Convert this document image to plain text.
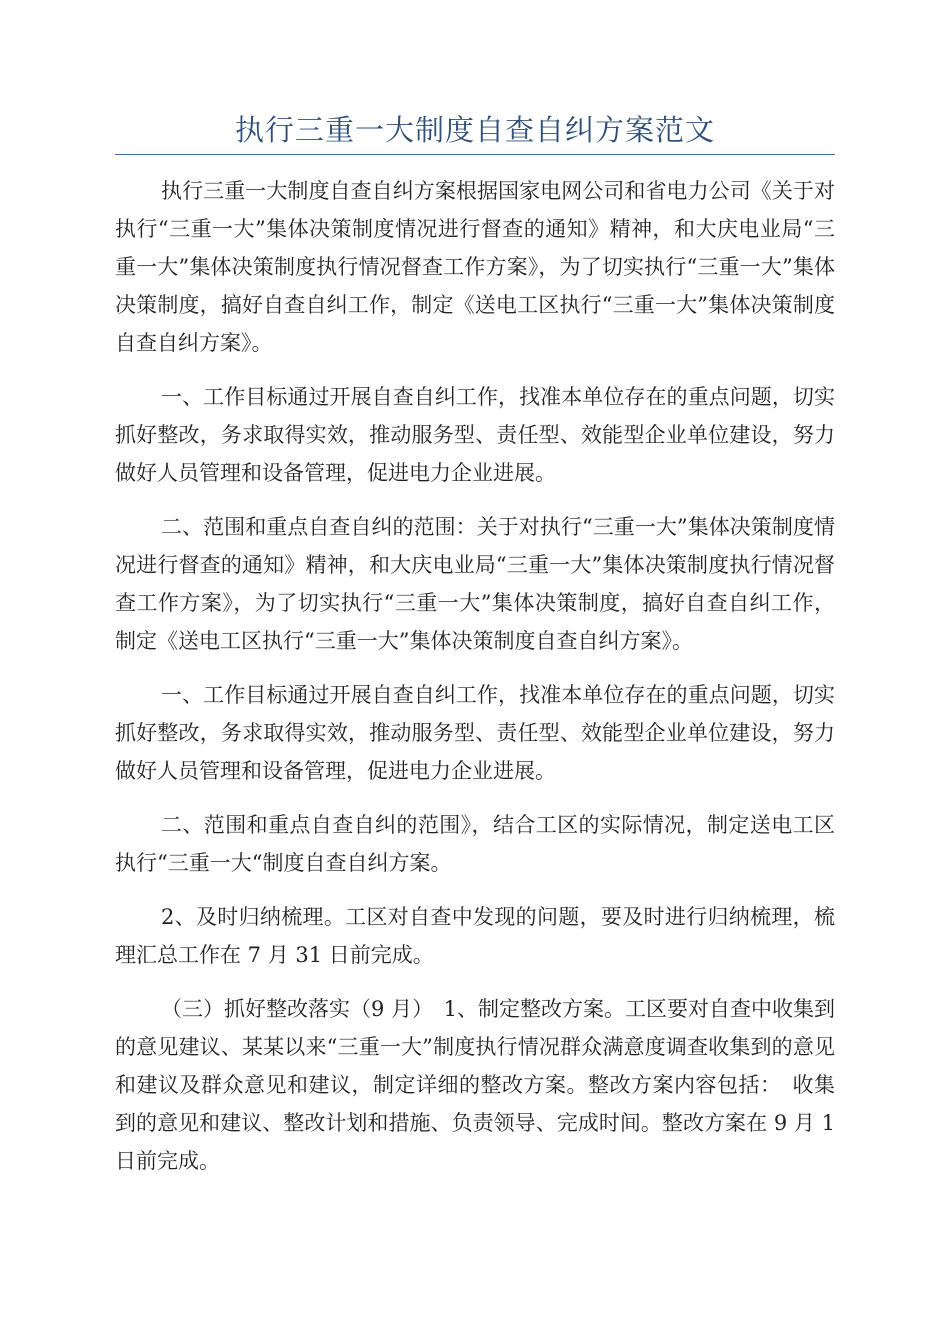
执行三重一大制度自查自纠方案范文

执行三重一大制度自查自纠方案根据国家电网公司和省电力公司《关于对执行“三重一大”集体决策制度情况进行督查的通知》精神，和大庆电业局“三重一大”集体决策制度执行情况督查工作方案》，为了切实执行“三重一大”集体决策制度，搞好自查自纠工作，制定《送电工区执行“三重一大”集体决策制度自查自纠方案》。

一、工作目标通过开展自查自纠工作，找准本单位存在的重点问题，切实抓好整改，务求取得实效，推动服务型、责任型、效能型企业单位建设，努力做好人员管理和设备管理，促进电力企业进展。

二、范围和重点自查自纠的范围：关于对执行“三重一大”集体决策制度情况进行督查的通知》精神，和大庆电业局“三重一大”集体决策制度执行情况督查工作方案》，为了切实执行“三重一大”集体决策制度，搞好自查自纠工作，制定《送电工区执行“三重一大”集体决策制度自查自纠方案》。

一、工作目标通过开展自查自纠工作，找准本单位存在的重点问题，切实抓好整改，务求取得实效，推动服务型、责任型、效能型企业单位建设，努力做好人员管理和设备管理，促进电力企业进展。

二、范围和重点自查自纠的范围》，结合工区的实际情况，制定送电工区执行“三重一大“制度自查自纠方案。

2、及时归纳梳理。工区对自查中发现的问题，要及时进行归纳梳理，梳理汇总工作在 7 月 31 日前完成。

（三）抓好整改落实（9 月）　1、制定整改方案。工区要对自查中收集到的意见建议、某某以来“三重一大”制度执行情况群众满意度调查收集到的意见和建议及群众意见和建议，制定详细的整改方案。整改方案内容包括：　收集到的意见和建议、整改计划和措施、负责领导、完成时间。整改方案在 9 月 1 日前完成。
